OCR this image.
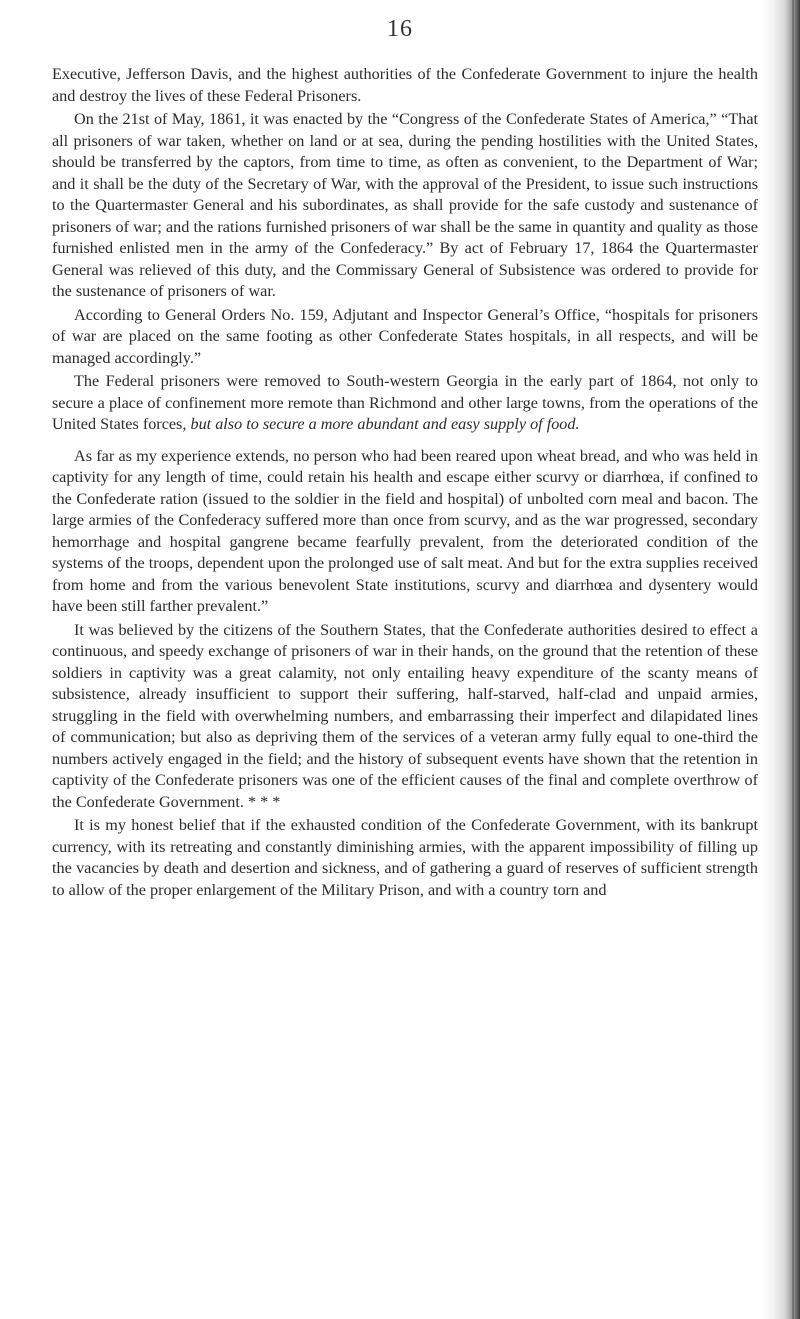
16

Executive, Jefferson Davis, and the highest authorities of the Confederate Government to injure the health and destroy the lives of these Federal Prisoners.

On the 21st of May, 1861, it was enacted by the “Congress of the Confederate States of America,” “That all prisoners of war taken, whether on land or at sea, during the pending hostilities with the United States, should be transferred by the captors, from time to time, as often as convenient, to the Department of War; and it shall be the duty of the Secretary of War, with the approval of the President, to issue such instructions to the Quartermaster General and his subordinates, as shall provide for the safe custody and sustenance of prisoners of war; and the rations furnished prisoners of war shall be the same in quantity and quality as those furnished enlisted men in the army of the Confederacy.” By act of February 17, 1864 the Quartermaster General was relieved of this duty, and the Commissary General of Subsistence was ordered to provide for the sustenance of prisoners of war.

According to General Orders No. 159, Adjutant and Inspector General’s Office, “hospitals for prisoners of war are placed on the same footing as other Confederate States hospitals, in all respects, and will be managed accordingly.”

The Federal prisoners were removed to South-western Georgia in the early part of 1864, not only to secure a place of confinement more remote than Richmond and other large towns, from the operations of the United States forces, but also to secure a more abundant and easy supply of food.

As far as my experience extends, no person who had been reared upon wheat bread, and who was held in captivity for any length of time, could retain his health and escape either scurvy or diarrhœa, if confined to the Confederate ration (issued to the soldier in the field and hospital) of unbolted corn meal and bacon. The large armies of the Confederacy suffered more than once from scurvy, and as the war progressed, secondary hemorrhage and hospital gangrene became fearfully prevalent, from the deteriorated condition of the systems of the troops, dependent upon the prolonged use of salt meat. And but for the extra supplies received from home and from the various benevolent State institutions, scurvy and diarrhœa and dysentery would have been still farther prevalent.”

It was believed by the citizens of the Southern States, that the Confederate authorities desired to effect a continuous, and speedy exchange of prisoners of war in their hands, on the ground that the retention of these soldiers in captivity was a great calamity, not only entailing heavy expenditure of the scanty means of subsistence, already insufficient to support their suffering, half-starved, half-clad and unpaid armies, struggling in the field with overwhelming numbers, and embarrassing their imperfect and dilapidated lines of communication; but also as depriving them of the services of a veteran army fully equal to one-third the numbers actively engaged in the field; and the history of subsequent events have shown that the retention in captivity of the Confederate prisoners was one of the efficient causes of the final and complete overthrow of the Confederate Government. * * *

It is my honest belief that if the exhausted condition of the Confederate Government, with its bankrupt currency, with its retreating and constantly diminishing armies, with the apparent impossibility of filling up the vacancies by death and desertion and sickness, and of gathering a guard of reserves of sufficient strength to allow of the proper enlargement of the Military Prison, and with a country torn and
